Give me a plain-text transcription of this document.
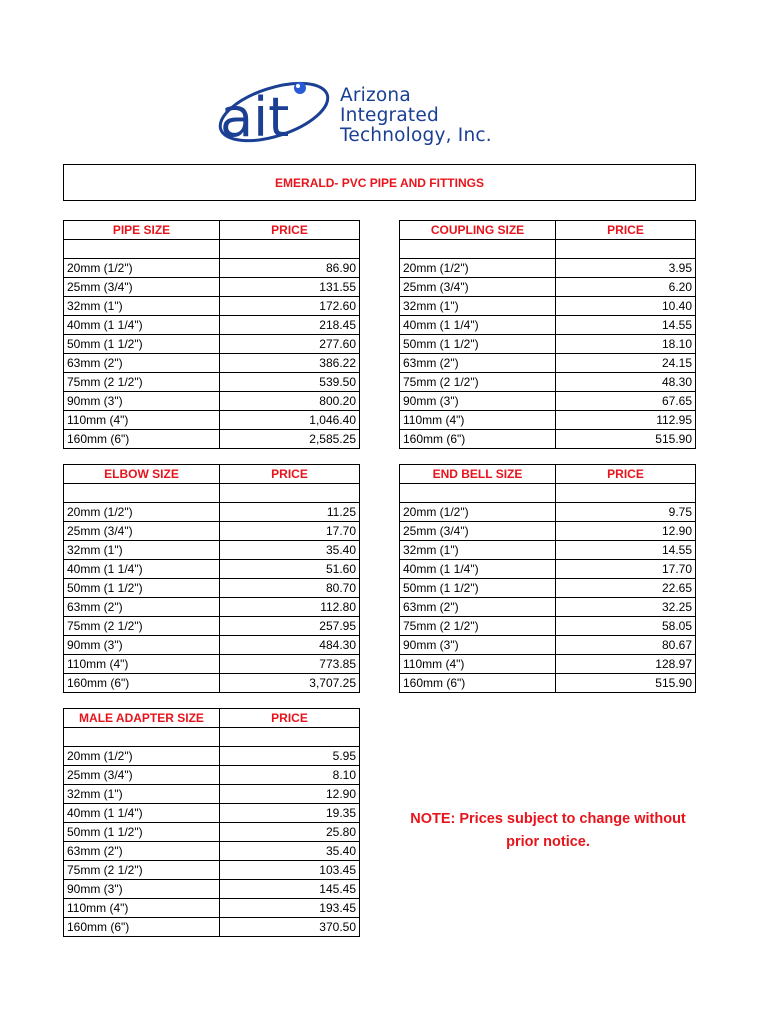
ait	Arizona
Integrated
Technology, Inc.
EMERALD- PVC PIPE AND FITTINGS
PIPE SIZE	PRICE

20mm (1/2")	86.90
25mm (3/4")	131.55
32mm (1")	172.60
40mm (1 1/4")	218.45
50mm (1 1/2")	277.60
63mm (2")	386.22
75mm (2 1/2")	539.50
90mm (3")	800.20
110mm (4")	1,046.40
160mm (6")	2,585.25
COUPLING SIZE	PRICE

20mm (1/2")	3.95
25mm (3/4")	6.20
32mm (1")	10.40
40mm (1 1/4")	14.55
50mm (1 1/2")	18.10
63mm (2")	24.15
75mm (2 1/2")	48.30
90mm (3")	67.65
110mm (4")	112.95
160mm (6")	515.90
ELBOW SIZE	PRICE

20mm (1/2")	11.25
25mm (3/4")	17.70
32mm (1")	35.40
40mm (1 1/4")	51.60
50mm (1 1/2")	80.70
63mm (2")	112.80
75mm (2 1/2")	257.95
90mm (3")	484.30
110mm (4")	773.85
160mm (6")	3,707.25
END BELL SIZE	PRICE

20mm (1/2")	9.75
25mm (3/4")	12.90
32mm (1")	14.55
40mm (1 1/4")	17.70
50mm (1 1/2")	22.65
63mm (2")	32.25
75mm (2 1/2")	58.05
90mm (3")	80.67
110mm (4")	128.97
160mm (6")	515.90
MALE ADAPTER SIZE	PRICE

20mm (1/2")	5.95
25mm (3/4")	8.10
32mm (1")	12.90
40mm (1 1/4")	19.35
50mm (1 1/2")	25.80
63mm (2")	35.40
75mm (2 1/2")	103.45
90mm (3")	145.45
110mm (4")	193.45
160mm (6")	370.50
NOTE: Prices subject to change without
prior notice.
